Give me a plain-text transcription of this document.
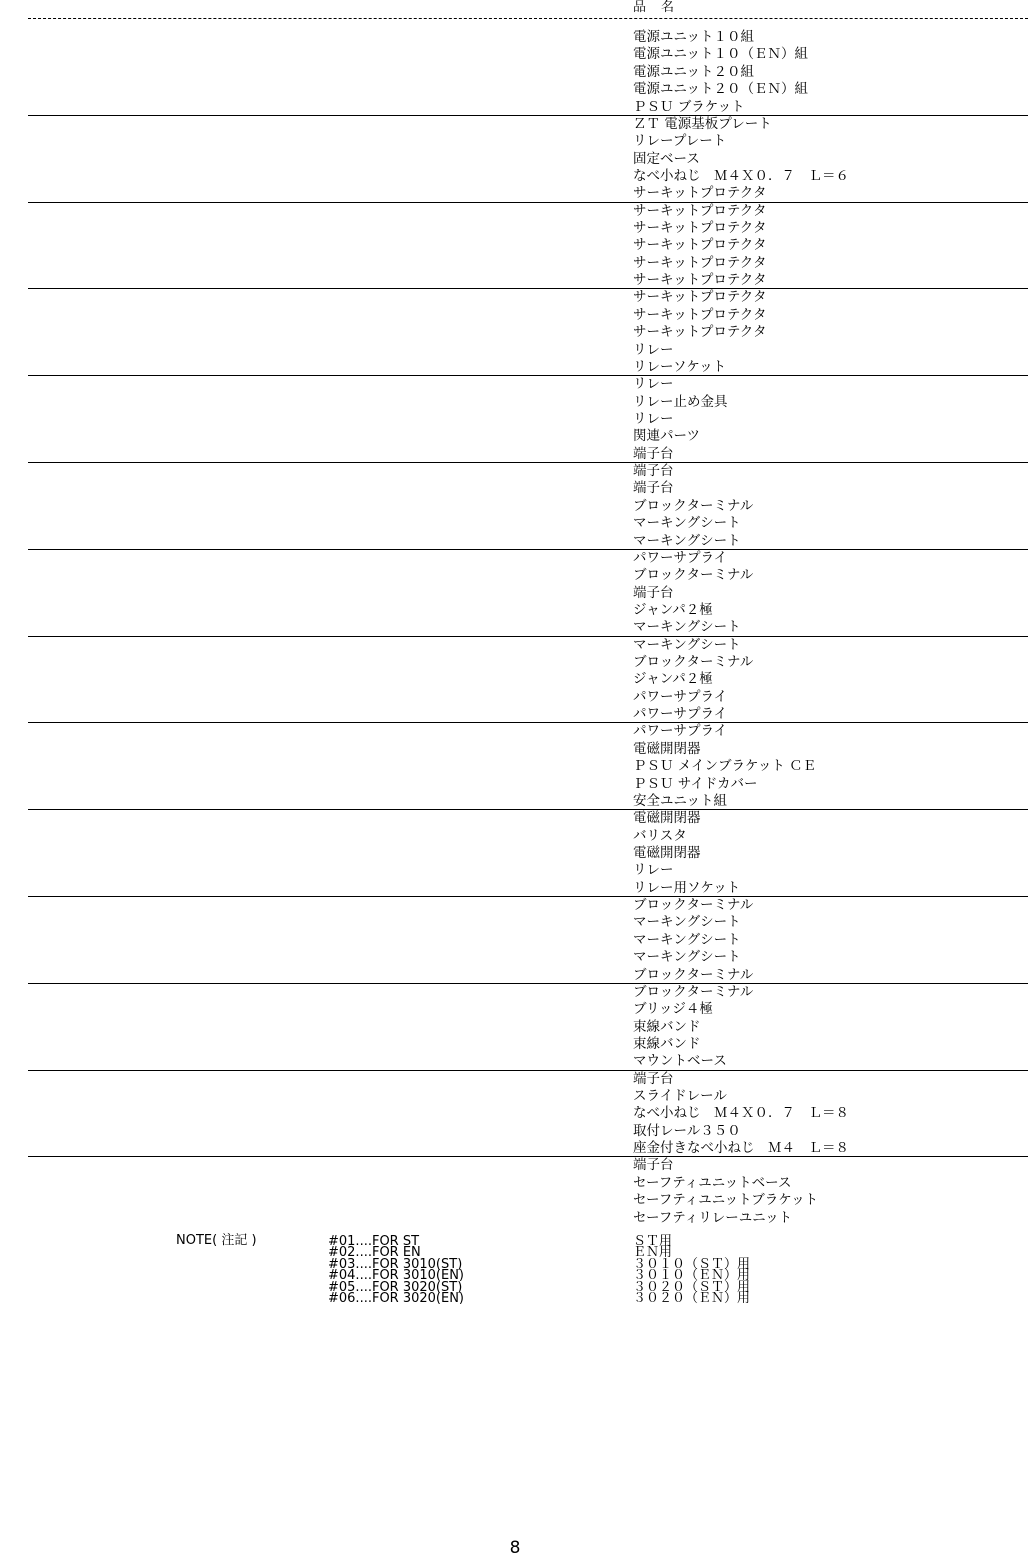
品　名
電源ユニット１０組
電源ユニット１０（ＥＮ）組
電源ユニット２０組
電源ユニット２０（ＥＮ）組
ＰＳＵ ブラケット
ＺＴ 電源基板プレート
リレープレート
固定ベース
なべ小ねじ　Ｍ４Ｘ０．７　Ｌ＝６
サーキットプロテクタ
サーキットプロテクタ
サーキットプロテクタ
サーキットプロテクタ
サーキットプロテクタ
サーキットプロテクタ
サーキットプロテクタ
サーキットプロテクタ
サーキットプロテクタ
リレー
リレーソケット
リレー
リレー止め金具
リレー
関連パーツ
端子台
端子台
端子台
ブロックターミナル
マーキングシート
マーキングシート
パワーサプライ
ブロックターミナル
端子台
ジャンパ２極
マーキングシート
マーキングシート
ブロックターミナル
ジャンパ２極
パワーサプライ
パワーサプライ
パワーサプライ
電磁開閉器
ＰＳＵ メインブラケット ＣＥ
ＰＳＵ サイドカバー
安全ユニット組
電磁開閉器
バリスタ
電磁開閉器
リレー
リレー用ソケット
ブロックターミナル
マーキングシート
マーキングシート
マーキングシート
ブロックターミナル
ブロックターミナル
ブリッジ４極
束線バンド
束線バンド
マウントベース
端子台
スライドレール
なべ小ねじ　Ｍ４Ｘ０．７　Ｌ＝８
取付レール３５０
座金付きなべ小ねじ　Ｍ４　Ｌ＝８
端子台
セーフティユニットベース
セーフティユニットブラケット
セーフティリレーユニット
NOTE( 注記 )	#01....FOR ST
#02....FOR EN
#03....FOR 3010(ST)
#04....FOR 3010(EN)
#05....FOR 3020(ST)
#06....FOR 3020(EN)
ＳＴ用
ＥＮ用
３０１０（ＳＴ）用
３０１０（ＥＮ）用
３０２０（ＳＴ）用
３０２０（ＥＮ）用
8
